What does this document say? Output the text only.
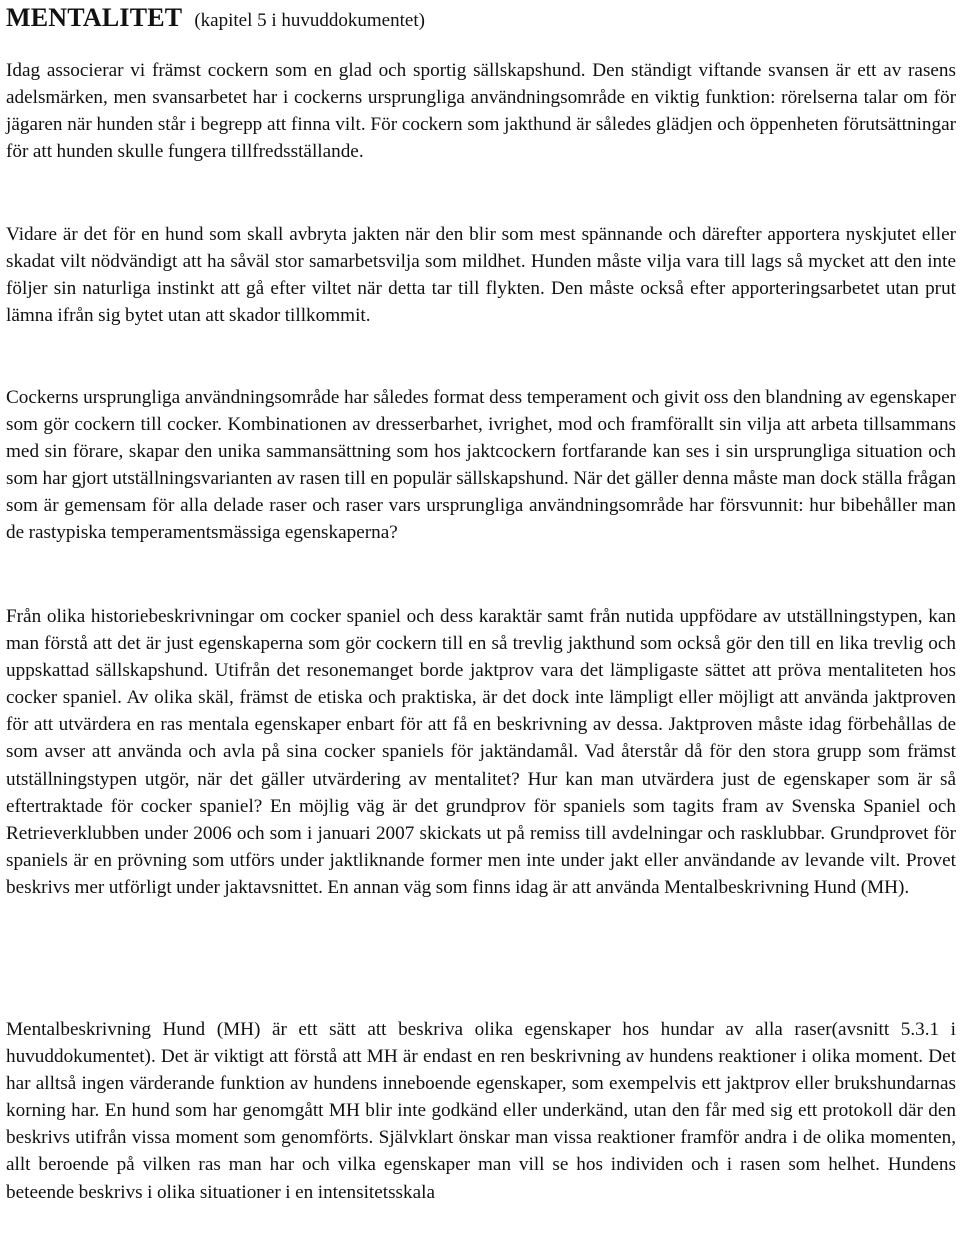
MENTALITET (kapitel 5 i huvuddokumentet)

Idag associerar vi främst cockern som en glad och sportig sällskapshund. Den ständigt viftande svansen är ett av rasens adelsmärken, men svansarbetet har i cockerns ursprungliga användningsområde en viktig funktion: rörelserna talar om för jägaren när hunden står i begrepp att finna vilt. För cockern som jakthund är således glädjen och öppenheten förutsättningar för att hunden skulle fungera tillfredsställande.

Vidare är det för en hund som skall avbryta jakten när den blir som mest spännande och därefter apportera nyskjutet eller skadat vilt nödvändigt att ha såväl stor samarbetsvilja som mildhet. Hunden måste vilja vara till lags så mycket att den inte följer sin naturliga instinkt att gå efter viltet när detta tar till flykten. Den måste också efter apporteringsarbetet utan prut lämna ifrån sig bytet utan att skador tillkommit.

Cockerns ursprungliga användningsområde har således format dess temperament och givit oss den blandning av egenskaper som gör cockern till cocker. Kombinationen av dresserbarhet, ivrighet, mod och framförallt sin vilja att arbeta tillsammans med sin förare, skapar den unika sammansättning som hos jaktcockern fortfarande kan ses i sin ursprungliga situation och som har gjort utställningsvarianten av rasen till en populär sällskapshund. När det gäller denna måste man dock ställa frågan som är gemensam för alla delade raser och raser vars ursprungliga användningsområde har försvunnit: hur bibehåller man de rastypiska temperamentsmässiga egenskaperna?

Från olika historiebeskrivningar om cocker spaniel och dess karaktär samt från nutida uppfödare av utställningstypen, kan man förstå att det är just egenskaperna som gör cockern till en så trevlig jakthund som också gör den till en lika trevlig och uppskattad sällskapshund. Utifrån det resonemanget borde jaktprov vara det lämpligaste sättet att pröva mentaliteten hos cocker spaniel. Av olika skäl, främst de etiska och praktiska, är det dock inte lämpligt eller möjligt att använda jaktproven för att utvärdera en ras mentala egenskaper enbart för att få en beskrivning av dessa. Jaktproven måste idag förbehållas de som avser att använda och avla på sina cocker spaniels för jaktändamål. Vad återstår då för den stora grupp som främst utställningstypen utgör, när det gäller utvärdering av mentalitet? Hur kan man utvärdera just de egenskaper som är så eftertraktade för cocker spaniel? En möjlig väg är det grundprov för spaniels som tagits fram av Svenska Spaniel och Retrieverklubben under 2006 och som i januari 2007 skickats ut på remiss till avdelningar och rasklubbar. Grundprovet för spaniels är en prövning som utförs under jaktliknande former men inte under jakt eller användande av levande vilt. Provet beskrivs mer utförligt under jaktavsnittet. En annan väg som finns idag är att använda Mentalbeskrivning Hund (MH).

Mentalbeskrivning Hund (MH) är ett sätt att beskriva olika egenskaper hos hundar av alla raser(avsnitt 5.3.1 i huvuddokumentet). Det är viktigt att förstå att MH är endast en ren beskrivning av hundens reaktioner i olika moment. Det har alltså ingen värderande funktion av hundens inneboende egenskaper, som exempelvis ett jaktprov eller brukshundarnas korning har. En hund som har genomgått MH blir inte godkänd eller underkänd, utan den får med sig ett protokoll där den beskrivs utifrån vissa moment som genomförts. Självklart önskar man vissa reaktioner framför andra i de olika momenten, allt beroende på vilken ras man har och vilka egenskaper man vill se hos individen och i rasen som helhet. Hundens beteende beskrivs i olika situationer i en intensitetsskala
